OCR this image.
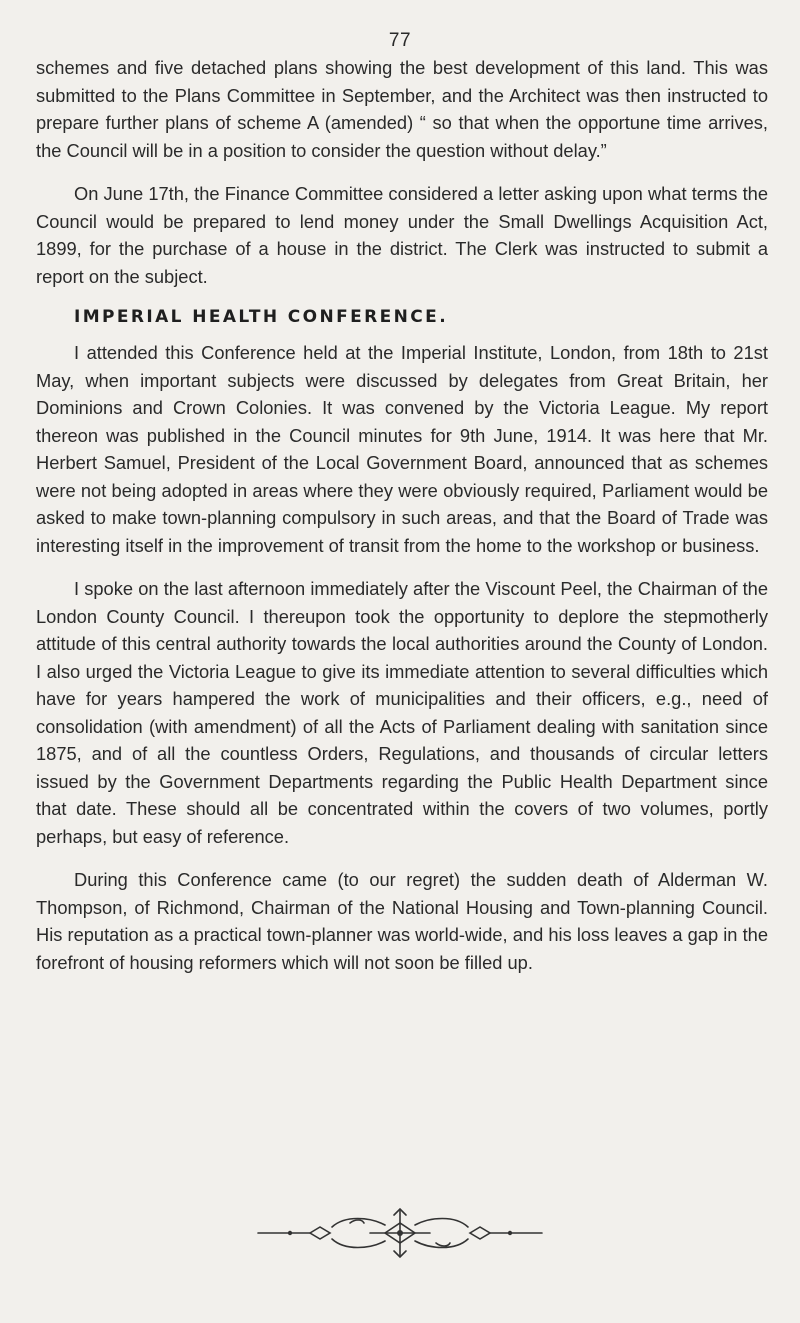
77

schemes and five detached plans showing the best development of this land. This was submitted to the Plans Committee in September, and the Architect was then instructed to prepare further plans of scheme A (amended) “ so that when the opportune time arrives, the Council will be in a position to consider the question without delay.”

On June 17th, the Finance Committee considered a letter asking upon what terms the Council would be prepared to lend money under the Small Dwellings Acquisition Act, 1899, for the purchase of a house in the district. The Clerk was instructed to submit a report on the subject.

IMPERIAL HEALTH CONFERENCE.

I attended this Conference held at the Imperial Institute, London, from 18th to 21st May, when important subjects were discussed by delegates from Great Britain, her Dominions and Crown Colonies. It was convened by the Victoria League. My report thereon was published in the Council minutes for 9th June, 1914. It was here that Mr. Herbert Samuel, President of the Local Government Board, announced that as schemes were not being adopted in areas where they were obviously required, Parliament would be asked to make town-planning compulsory in such areas, and that the Board of Trade was interesting itself in the improvement of transit from the home to the workshop or business.

I spoke on the last afternoon immediately after the Viscount Peel, the Chairman of the London County Council. I thereupon took the opportunity to deplore the stepmotherly attitude of this central authority towards the local authorities around the County of London. I also urged the Victoria League to give its immediate attention to several difficulties which have for years hampered the work of municipalities and their officers, e.g., need of consolidation (with amendment) of all the Acts of Parliament dealing with sanitation since 1875, and of all the countless Orders, Regulations, and thousands of circular letters issued by the Government Departments regarding the Public Health Department since that date. These should all be concentrated within the covers of two volumes, portly perhaps, but easy of reference.

During this Conference came (to our regret) the sudden death of Alderman W. Thompson, of Richmond, Chairman of the National Housing and Town-planning Council. His reputation as a practical town-planner was world-wide, and his loss leaves a gap in the forefront of housing reformers which will not soon be filled up.
